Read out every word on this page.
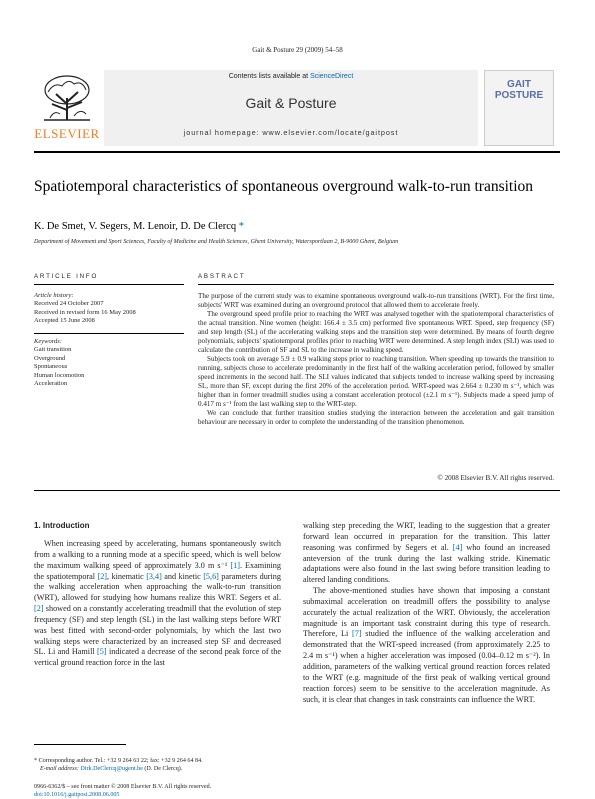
Gait & Posture 29 (2009) 54–58
ELSEVIER
Contents lists available at ScienceDirect
Gait & Posture
journal homepage: www.elsevier.com/locate/gaitpost
GAIT POSTURE
Spatiotemporal characteristics of spontaneous overground walk-to-run transition
K. De Smet, V. Segers, M. Lenoir, D. De Clercq *
Department of Movement and Sport Sciences, Faculty of Medicine and Health Sciences, Ghent University, Watersportlaan 2, B-9000 Ghent, Belgium
ARTICLE INFO	ABSTRACT
Article history:
Received 24 October 2007
Received in revised form 16 May 2008
Accepted 15 June 2008
Keywords:
Gait transition
Overground
Spontaneous
Human locomotion
Acceleration

The purpose of the current study was to examine spontaneous overground walk-to-run transitions (WRT). For the first time, subjects' WRT was examined during an overground protocol that allowed them to accelerate freely.

The overground speed profile prior to reaching the WRT was analysed together with the spatiotemporal characteristics of the actual transition. Nine women (height: 166.4 ± 3.5 cm) performed five spontaneous WRT. Speed, step frequency (SF) and step length (SL) of the accelerating walking steps and the transition step were determined. By means of fourth degree polynomials, subjects' spatiotemporal profiles prior to reaching WRT were determined. A step length index (SLI) was used to calculate the contribution of SF and SL to the increase in walking speed.

Subjects took on average 5.9 ± 0.9 walking steps prior to reaching transition. When speeding up towards the transition to running, subjects chose to accelerate predominantly in the first half of the walking acceleration period, followed by smaller speed increments in the second half. The SLI values indicated that subjects tended to increase walking speed by increasing SL, more than SF, except during the first 20% of the acceleration period. WRT-speed was 2.664 ± 0.230 m s⁻¹, which was higher than in former treadmill studies using a constant acceleration protocol (±2.1 m s⁻¹). Subjects made a speed jump of 0.417 m s⁻¹ from the last walking step to the WRT-step.

We can conclude that further transition studies studying the interaction between the acceleration and gait transition behaviour are necessary in order to complete the understanding of the transition phenomenon.

© 2008 Elsevier B.V. All rights reserved.
1. Introduction

When increasing speed by accelerating, humans spontaneously switch from a walking to a running mode at a specific speed, which is well below the maximum walking speed of approximately 3.0 m s⁻¹ [1]. Examining the spatiotemporal [2], kinematic [3,4] and kinetic [5,6] parameters during the walking acceleration when approaching the walk-to-run transition (WRT), allowed for studying how humans realize this WRT. Segers et al. [2] showed on a constantly accelerating treadmill that the evolution of step frequency (SF) and step length (SL) in the last walking steps before WRT was best fitted with second-order polynomials, by which the last two walking steps were characterized by an increased step SF and decreased SL. Li and Hamill [5] indicated a decrease of the second peak force of the vertical ground reaction force in the last

walking step preceding the WRT, leading to the suggestion that a greater forward lean occurred in preparation for the transition. This latter reasoning was confirmed by Segers et al. [4] who found an increased anteversion of the trunk during the last walking stride. Kinematic adaptations were also found in the last swing before transition leading to altered landing conditions.

The above-mentioned studies have shown that imposing a constant submaximal acceleration on treadmill offers the possibility to analyse accurately the actual realization of the WRT. Obviously, the acceleration magnitude is an important task constraint during this type of research. Therefore, Li [7] studied the influence of the walking acceleration and demonstrated that the WRT-speed increased (from approximately 2.25 to 2.4 m s⁻¹) when a higher acceleration was imposed (0.04–0.12 m s⁻²). In addition, parameters of the walking vertical ground reaction forces related to the WRT (e.g. magnitude of the first peak of walking vertical ground reaction forces) seem to be sensitive to the acceleration magnitude. As such, it is clear that changes in task constraints can influence the WRT.

* Corresponding author. Tel.: +32 9 264 63 22; fax: +32 9 264 64 84.
E-mail address: Dirk.DeClercq@ugent.be (D. De Clercq).
0966-6362/$ – see front matter © 2008 Elsevier B.V. All rights reserved.
doi:10.1016/j.gaitpost.2008.06.005
